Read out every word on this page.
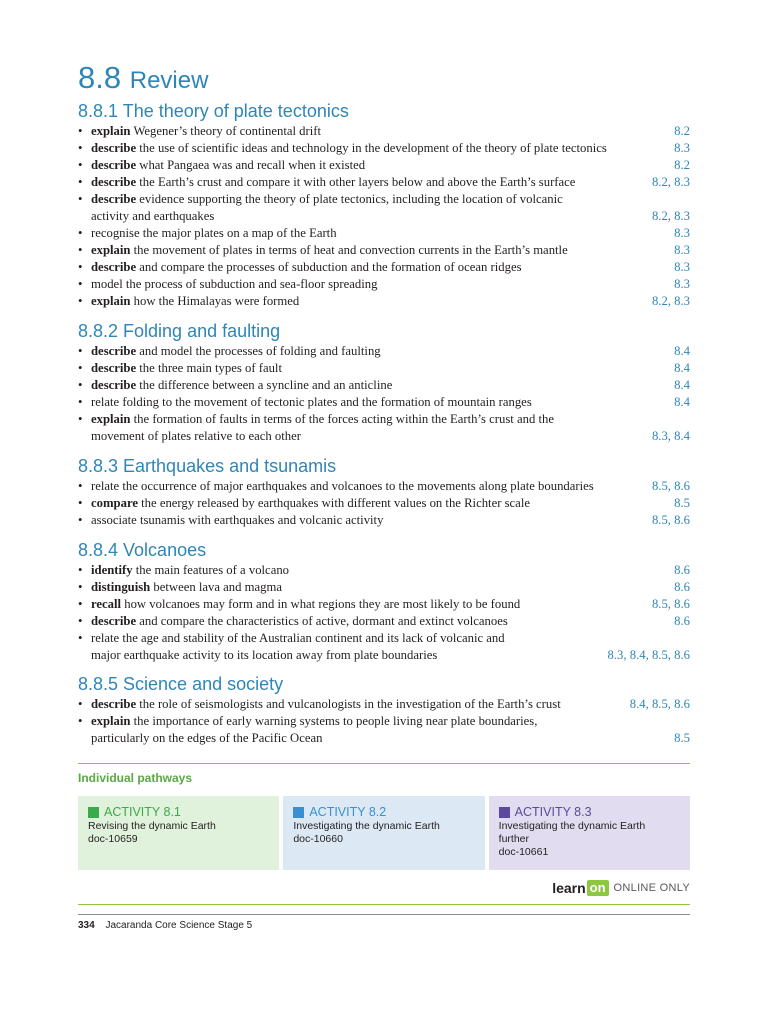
8.8 Review
8.8.1 The theory of plate tectonics
• explain Wegener’s theory of continental drift	8.2
• describe the use of scientific ideas and technology in the development of the theory of plate tectonics	8.3
• describe what Pangaea was and recall when it existed	8.2
• describe the Earth’s crust and compare it with other layers below and above the Earth’s surface	8.2, 8.3
• describe evidence supporting the theory of plate tectonics, including the location of volcanic
activity and earthquakes	8.2, 8.3
• recognise the major plates on a map of the Earth	8.3
• explain the movement of plates in terms of heat and convection currents in the Earth’s mantle	8.3
• describe and compare the processes of subduction and the formation of ocean ridges	8.3
• model the process of subduction and sea-floor spreading	8.3
• explain how the Himalayas were formed	8.2, 8.3
8.8.2 Folding and faulting
• describe and model the processes of folding and faulting	8.4
• describe the three main types of fault	8.4
• describe the difference between a syncline and an anticline	8.4
• relate folding to the movement of tectonic plates and the formation of mountain ranges	8.4
• explain the formation of faults in terms of the forces acting within the Earth’s crust and the
movement of plates relative to each other	8.3, 8.4
8.8.3 Earthquakes and tsunamis
• relate the occurrence of major earthquakes and volcanoes to the movements along plate boundaries	8.5, 8.6
• compare the energy released by earthquakes with different values on the Richter scale	8.5
• associate tsunamis with earthquakes and volcanic activity	8.5, 8.6
8.8.4 Volcanoes
• identify the main features of a volcano	8.6
• distinguish between lava and magma	8.6
• recall how volcanoes may form and in what regions they are most likely to be found	8.5, 8.6
• describe and compare the characteristics of active, dormant and extinct volcanoes	8.6
• relate the age and stability of the Australian continent and its lack of volcanic and
major earthquake activity to its location away from plate boundaries	8.3, 8.4, 8.5, 8.6
8.8.5 Science and society
• describe the role of seismologists and vulcanologists in the investigation of the Earth’s crust	8.4, 8.5, 8.6
• explain the importance of early warning systems to people living near plate boundaries,
particularly on the edges of the Pacific Ocean	8.5
Individual pathways
ACTIVITY 8.1
Revising the dynamic Earth
doc-10659
ACTIVITY 8.2
Investigating the dynamic Earth
doc-10660
ACTIVITY 8.3
Investigating the dynamic Earth
further
doc-10661
learn on ONLINE ONLY
334 Jacaranda Core Science Stage 5
